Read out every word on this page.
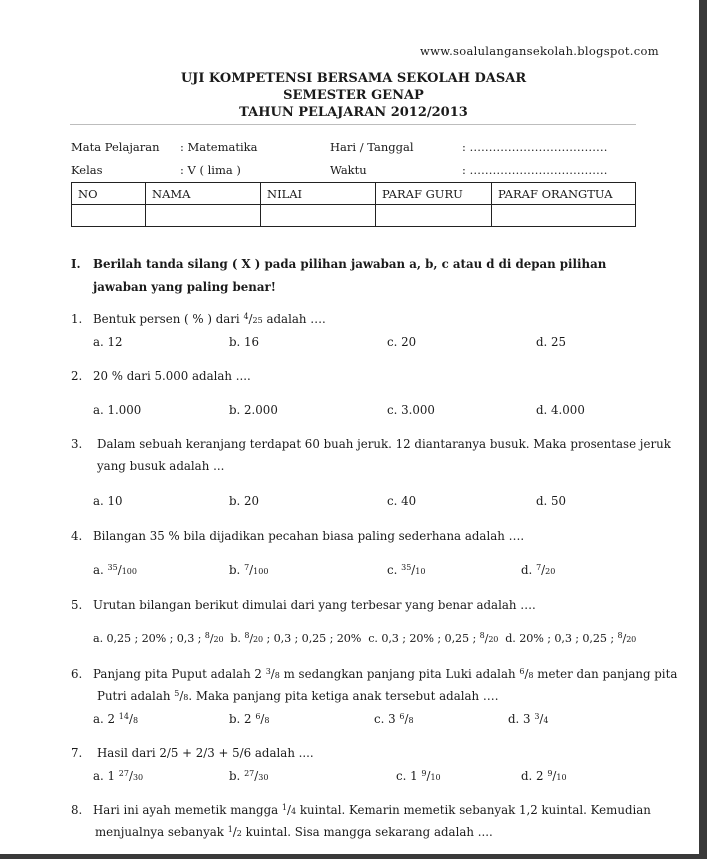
www.soalulangansekolah.blogspot.com
UJI KOMPETENSI BERSAMA SEKOLAH DASAR
SEMESTER GENAP
TAHUN PELAJARAN 2012/2013
Mata Pelajaran : Matematika	Hari / Tanggal	: ………………………………
Kelas	: V ( lima )	Waktu	: ………………………………
NO	NAMA	NILAI	PARAF GURU	PARAF ORANGTUA

I. Berilah tanda silang ( X ) pada pilihan jawaban a, b, c atau d di depan pilihan jawaban yang paling benar!
1. Bentuk persen ( % ) dari $^4$/25 adalah ….
a. 12	b. 16	c. 20	d. 25
2. 20 % dari 5.000 adalah ....
a. 1.000	b. 2.000	c. 3.000	d. 4.000
3. Dalam sebuah keranjang terdapat 60 buah jeruk. 12 diantaranya busuk. Maka prosentase jeruk
yang busuk adalah ...
a. 10	b. 20	c. 40	d. 50
4. Bilangan 35 % bila dijadikan pecahan biasa paling sederhana adalah ….
a. $^{35}$/100	b. $^7$/100	c. $^{35}$/10	d. $^7$/20
5. Urutan bilangan berikut dimulai dari yang terbesar yang benar adalah ….
a. 0,25 ; 20% ; 0,3 ; $^8$/20 b. $^8$/20 ; 0,3 ; 0,25 ; 20% c. 0,3 ; 20% ; 0,25 ; $^8$/20 d. 20% ; 0,3 ; 0,25 ; $^8$/20
6. Panjang pita Puput adalah 2 $^3$/8 m sedangkan panjang pita Luki adalah $^6$/8 meter dan panjang pita
Putri adalah $^5$/8. Maka panjang pita ketiga anak tersebut adalah ….
a. 2 $^{14}$/8	b. 2 $^6$/8	c. 3 $^6$/8	d. 3 $^3$/4
7. Hasil dari 2/5 + 2/3 + 5/6 adalah ....
a. 1 $^{27}$/30	b. $^{27}$/30	c. 1 $^9$/10	d. 2 $^9$/10
8. Hari ini ayah memetik mangga $^1$/4 kuintal. Kemarin memetik sebanyak 1,2 kuintal. Kemudian
menjualnya sebanyak $^1$/2 kuintal. Sisa mangga sekarang adalah ....
